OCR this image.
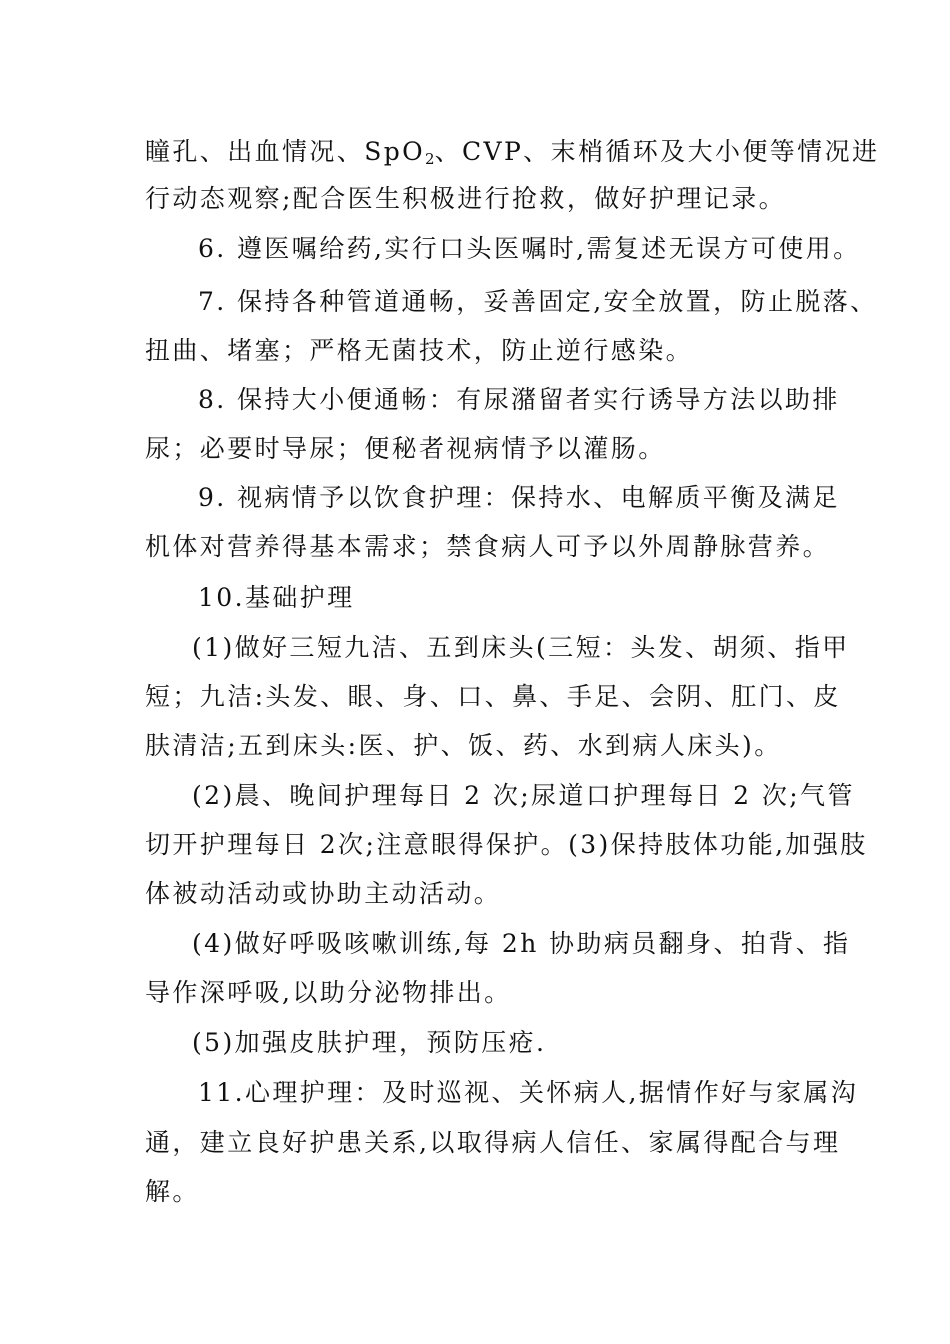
瞳孔、出血情况、SpO$_2$、CVP、末梢循环及大小便等情况进

行动态观察;配合医生积极进行抢救，做好护理记录。

6. 遵医嘱给药,实行口头医嘱时,需复述无误方可使用。

7. 保持各种管道通畅，妥善固定,安全放置，防止脱落、

扭曲、堵塞；严格无菌技术，防止逆行感染。

8. 保持大小便通畅：有尿潴留者实行诱导方法以助排

尿；必要时导尿；便秘者视病情予以灌肠。

9. 视病情予以饮食护理：保持水、电解质平衡及满足

机体对营养得基本需求；禁食病人可予以外周静脉营养。

10.基础护理

(1)做好三短九洁、五到床头(三短：头发、胡须、指甲

短；九洁:头发、眼、身、口、鼻、手足、会阴、肛门、皮

肤清洁;五到床头:医、护、饭、药、水到病人床头)。

(2)晨、晚间护理每日 2 次;尿道口护理每日 2 次;气管

切开护理每日 2次;注意眼得保护。(3)保持肢体功能,加强肢

体被动活动或协助主动活动。

(4)做好呼吸咳嗽训练,每 2h 协助病员翻身、拍背、指

导作深呼吸,以助分泌物排出。

(5)加强皮肤护理，预防压疮.

11.心理护理：及时巡视、关怀病人,据情作好与家属沟

通，建立良好护患关系,以取得病人信任、家属得配合与理

解。
